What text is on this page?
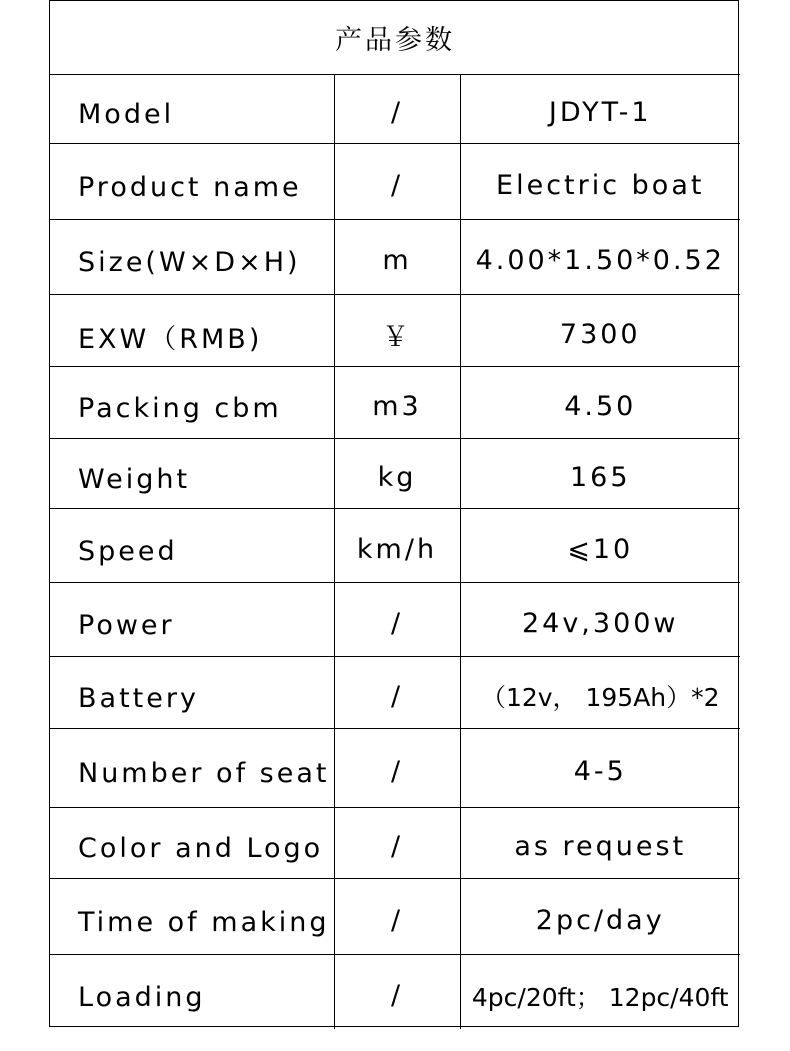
产品参数		
Model	/	JDYT-1
Product name	/	Electric boat
Size(W×D×H)	m	4.00*1.50*0.52
EXW（RMB)	￥	7300
Packing cbm	m3	4.50
Weight	kg	165
Speed	km/h	⩽10
Power	/	24v,300w
Battery	/	（12v， 195Ah）*2
Number of seat	/	4-5
Color and Logo	/	as request
Time of making	/	2pc/day
Loading	/	4pc/20ft； 12pc/40ft
